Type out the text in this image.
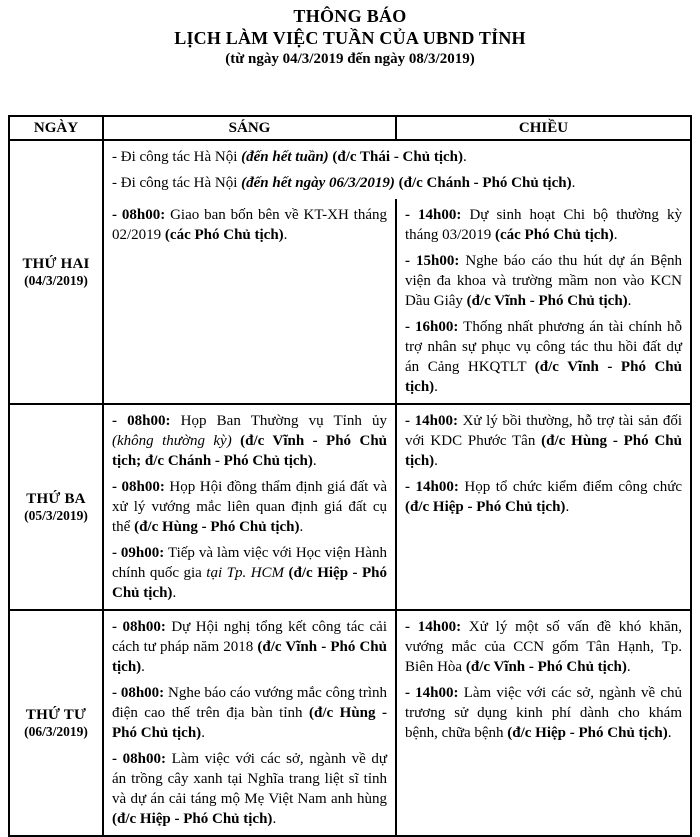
THÔNG BÁO
LỊCH LÀM VIỆC TUẦN CỦA UBND TỈNH
(từ ngày 04/3/2019 đến ngày 08/3/2019)
NGÀY	SÁNG	CHIỀU
THỨ HAI
(04/3/2019)

- Đi công tác Hà Nội (đến hết tuần) (đ/c Thái - Chủ tịch).

- Đi công tác Hà Nội (đến hết ngày 06/3/2019) (đ/c Chánh - Phó Chủ tịch).

- 08h00: Giao ban bốn bên về KT-XH tháng 02/2019 (các Phó Chủ tịch).

- 14h00: Dự sinh hoạt Chi bộ thường kỳ tháng 03/2019 (các Phó Chủ tịch).

- 15h00: Nghe báo cáo thu hút dự án Bệnh viện đa khoa và trường mầm non vào KCN Dầu Giây (đ/c Vĩnh - Phó Chủ tịch).

- 16h00: Thống nhất phương án tài chính hỗ trợ nhân sự phục vụ công tác thu hồi đất dự án Cảng HKQTLT (đ/c Vĩnh - Phó Chủ tịch).

THỨ BA
(05/3/2019)

- 08h00: Họp Ban Thường vụ Tỉnh ủy (không thường kỳ) (đ/c Vĩnh - Phó Chủ tịch; đ/c Chánh - Phó Chủ tịch).

- 08h00: Họp Hội đồng thẩm định giá đất và xử lý vướng mắc liên quan định giá đất cụ thể (đ/c Hùng - Phó Chủ tịch).

- 09h00: Tiếp và làm việc với Học viện Hành chính quốc gia tại Tp. HCM (đ/c Hiệp - Phó Chủ tịch).

- 14h00: Xử lý bồi thường, hỗ trợ tài sản đối với KDC Phước Tân (đ/c Hùng - Phó Chủ tịch).

- 14h00: Họp tổ chức kiểm điểm công chức (đ/c Hiệp - Phó Chủ tịch).

THỨ TƯ
(06/3/2019)

- 08h00: Dự Hội nghị tổng kết công tác cải cách tư pháp năm 2018 (đ/c Vĩnh - Phó Chủ tịch).

- 08h00: Nghe báo cáo vướng mắc công trình điện cao thế trên địa bàn tỉnh (đ/c Hùng - Phó Chủ tịch).

- 08h00: Làm việc với các sở, ngành về dự án trồng cây xanh tại Nghĩa trang liệt sĩ tỉnh và dự án cải táng mộ Mẹ Việt Nam anh hùng (đ/c Hiệp - Phó Chủ tịch).

- 14h00: Xử lý một số vấn đề khó khăn, vướng mắc của CCN gốm Tân Hạnh, Tp. Biên Hòa (đ/c Vĩnh - Phó Chủ tịch).

- 14h00: Làm việc với các sở, ngành về chủ trương sử dụng kinh phí dành cho khám bệnh, chữa bệnh (đ/c Hiệp - Phó Chủ tịch).
